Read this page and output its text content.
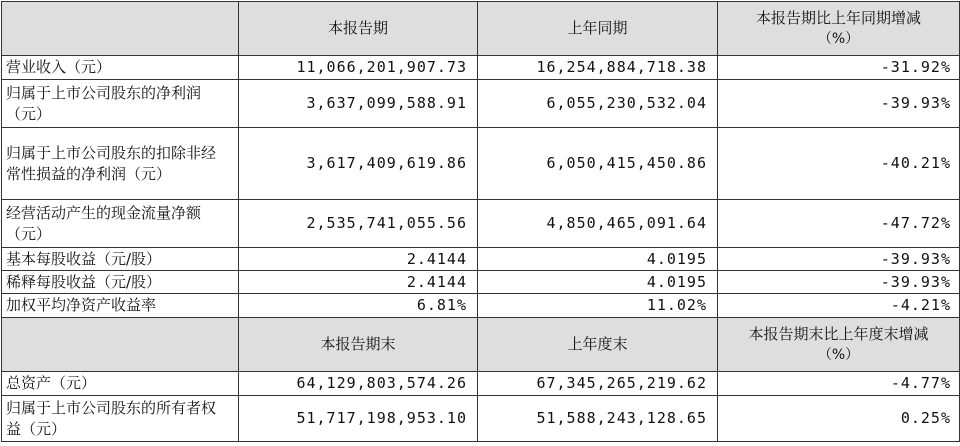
	本报告期	上年同期	本报告期比上年同期增减
（%）

营业收入（元）	11,066,201,907.73	16,254,884,718.38	-31.92%
归属于上市公司股东的净利润（元）	3,637,099,588.91	6,055,230,532.04	-39.93%
归属于上市公司股东的扣除非经常性损益的净利润（元）	3,617,409,619.86	6,050,415,450.86	-40.21%
经营活动产生的现金流量净额（元）	2,535,741,055.56	4,850,465,091.64	-47.72%
基本每股收益（元/股）	2.4144	4.0195	-39.93%
稀释每股收益（元/股）	2.4144	4.0195	-39.93%
加权平均净资产收益率	6.81%	11.02%	-4.21%
	本报告期末	上年度末	本报告期末比上年度末增减
（%）

总资产（元）	64,129,803,574.26	67,345,265,219.62	-4.77%
归属于上市公司股东的所有者权益（元）	51,717,198,953.10	51,588,243,128.65	0.25%
